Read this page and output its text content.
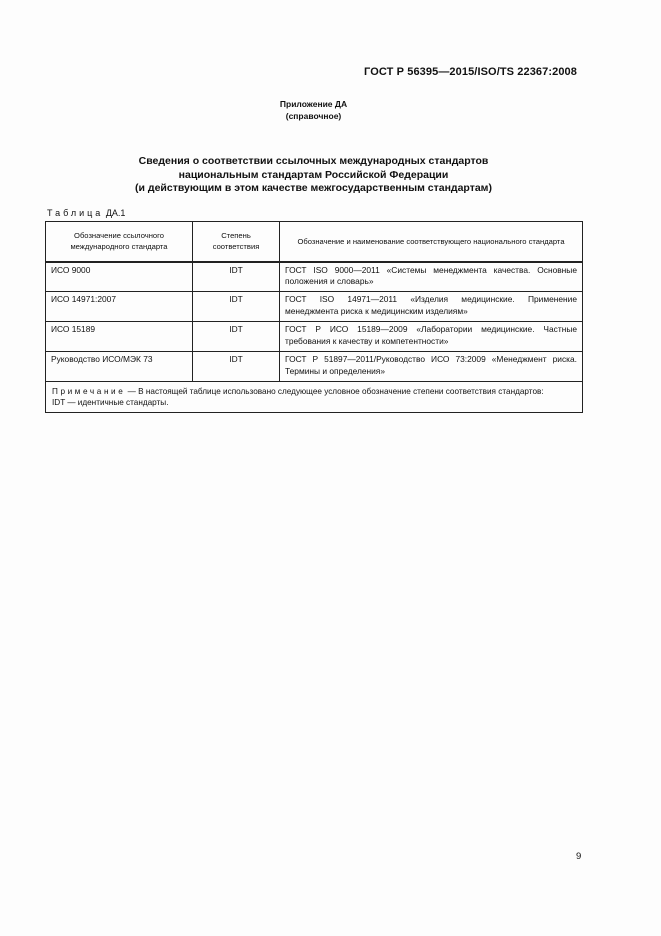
ГОСТ Р 56395—2015/ISO/TS 22367:2008
Приложение ДА
(справочное)
Сведения о соответствии ссылочных международных стандартов
национальным стандартам Российской Федерации
(и действующим в этом качестве межгосударственным стандартам)
Таблица ДА.1
Обозначение ссылочного международного стандарта	Степень соответствия	Обозначение и наименование соответствующего национального стандарта
ИСО 9000	IDT	ГОСТ ISO 9000—2011 «Системы менеджмента качества. Основные положения и словарь»
ИСО 14971:2007	IDT	ГОСТ ISO 14971—2011 «Изделия медицинские. Применение менеджмента риска к медицинским изделиям»
ИСО 15189	IDT	ГОСТ Р ИСО 15189—2009 «Лаборатории медицинские. Частные требования к качеству и компетентности»
Руководство ИСО/МЭК 73	IDT	ГОСТ Р 51897—2011/Руководство ИСО 73:2009 «Менеджмент риска. Термины и определения»
Примечание — В настоящей таблице использовано следующее условное обозначение степени соответствия стандартов:
IDT — идентичные стандарты.		
9
